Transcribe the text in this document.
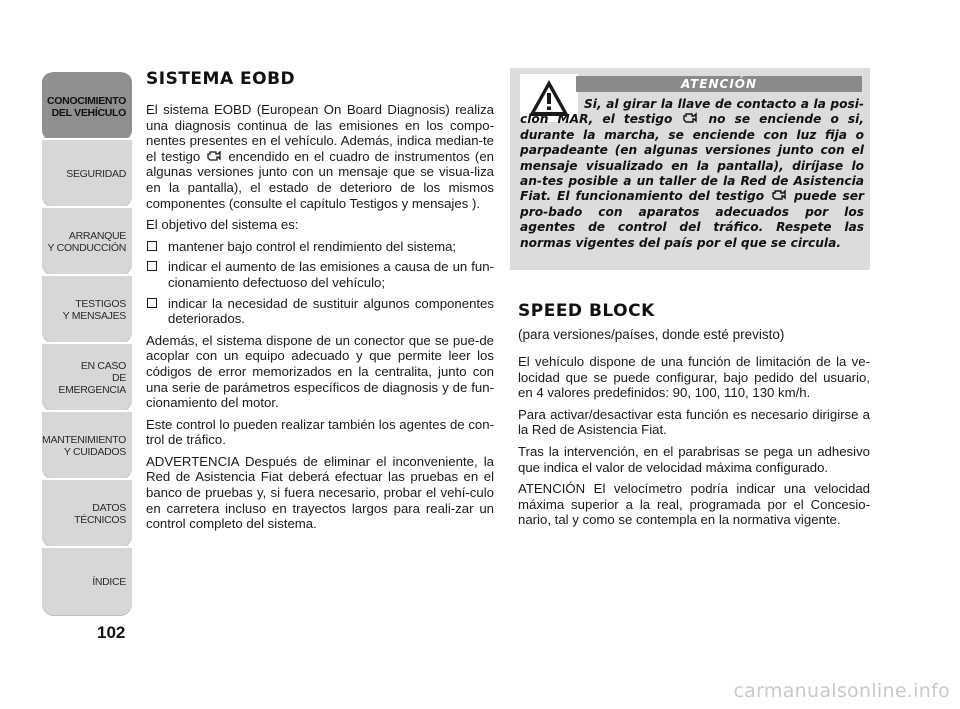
CONOCIMIENTO
DEL VEHÍCULO
SEGURIDAD
ARRANQUE
Y CONDUCCIÓN
TESTIGOS
Y MENSAJES
EN CASO
DE EMERGENCIA
MANTENIMIENTO
Y CUIDADOS
DATOS TÉCNICOS
ÍNDICE
102
SISTEMA EOBD

El sistema EOBD (European On Board Diagnosis) realiza una diagnosis continua de las emisiones en los compo-nentes presentes en el vehículo. Además, indica median-te el testigo encendido en el cuadro de instrumentos (en algunas versiones junto con un mensaje que se visua-liza en la pantalla), el estado de deterioro de los mismos componentes (consulte el capítulo Testigos y mensajes ).

El objetivo del sistema es:

mantener bajo control el rendimiento del sistema;
indicar el aumento de las emisiones a causa de un fun-cionamiento defectuoso del vehículo;
indicar la necesidad de sustituir algunos componentes deteriorados.

Además, el sistema dispone de un conector que se pue-de acoplar con un equipo adecuado y que permite leer los códigos de error memorizados en la centralita, junto con una serie de parámetros específicos de diagnosis y de fun-cionamiento del motor.

Este control lo pueden realizar también los agentes de con-trol de tráfico.

ADVERTENCIA Después de eliminar el inconveniente, la Red de Asistencia Fiat deberá efectuar las pruebas en el banco de pruebas y, si fuera necesario, probar el vehí-culo en carretera incluso en trayectos largos para reali-zar un control completo del sistema.

ATENCIÓN
Si, al girar la llave de contacto a la posi-ción MAR, el testigo	no se enciende o si, durante la marcha, se enciende con luz fija o parpadeante (en algunas versiones junto con el mensaje visualizado en la pantalla), diríjase lo an-tes posible a un taller de la Red de Asistencia Fiat. El funcionamiento del testigo puede ser pro-bado con aparatos adecuados por los agentes de control del tráfico. Respete las normas vigentes del país por el que se circula.
SPEED BLOCK

(para versiones/países, donde esté previsto)

El vehículo dispone de una función de limitación de la ve-locidad que se puede configurar, bajo pedido del usuario, en 4 valores predefinidos: 90, 100, 110, 130 km/h.

Para activar/desactivar esta función es necesario dirigirse a la Red de Asistencia Fiat.

Tras la intervención, en el parabrisas se pega un adhesivo que indica el valor de velocidad máxima configurado.

ATENCIÓN El velocímetro podría indicar una velocidad máxima superior a la real, programada por el Concesio-nario, tal y como se contempla en la normativa vigente.

carmanualsonline.info
